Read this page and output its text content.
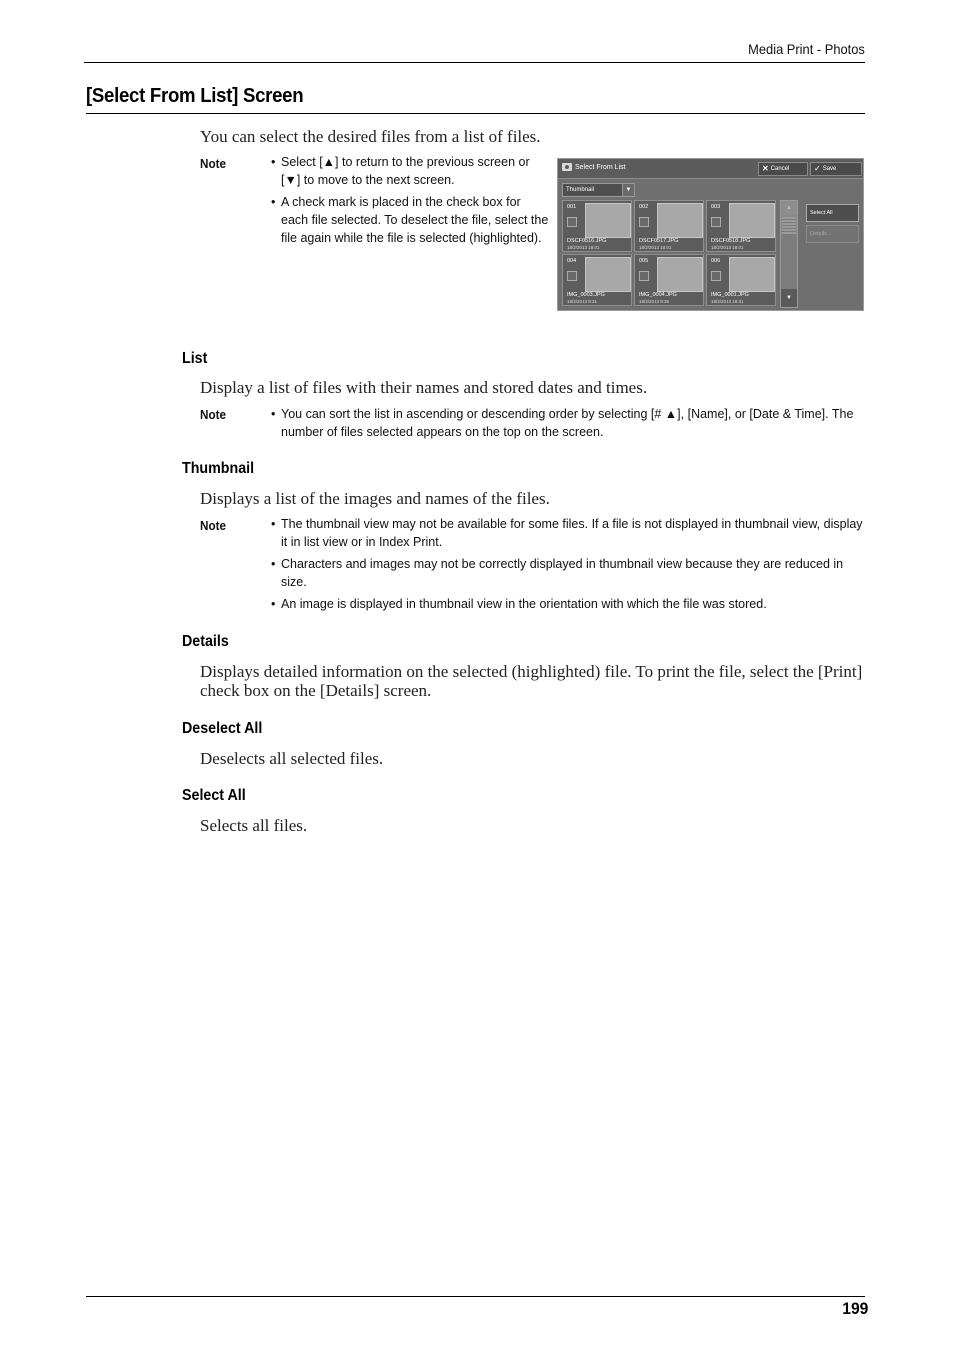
Media Print - Photos
[Select From List] Screen

You can select the desired files from a list of files.

Note	• Select [▲] to return to the previous screen or [▼] to move to the next screen.
• A check mark is placed in the check box for each file selected. To deselect the file, select the file again while the file is selected (highlighted).
Select From List	✕ Cancel	✓ Save
Thumbnail	▼
001
DSCF0516.JPG
18/2/2013 18:01
002
DSCF0517.JPG
18/2/2013 18:01
003
DSCF0518.JPG
18/2/2013 18:01
004
IMG_0003.JPG
18/2/2013 9:31
005
IMG_0004.JPG
18/2/2013 9:36
006
IMG_0001.JPG
18/2/2013 18:31
▲
▼
Select All
Details...
List

Display a list of files with their names and stored dates and times.

Note	• You can sort the list in ascending or descending order by selecting [# ▲], [Name], or [Date & Time]. The number of files selected appears on the top on the screen.
Thumbnail

Displays a list of the images and names of the files.

Note	• The thumbnail view may not be available for some files. If a file is not displayed in thumbnail view, display it in list view or in Index Print.
• Characters and images may not be correctly displayed in thumbnail view because they are reduced in size.
• An image is displayed in thumbnail view in the orientation with which the file was stored.
Details

Displays detailed information on the selected (highlighted) file. To print the file, select the [Print] check box on the [Details] screen.

Deselect All

Deselects all selected files.

Select All

Selects all files.

199
